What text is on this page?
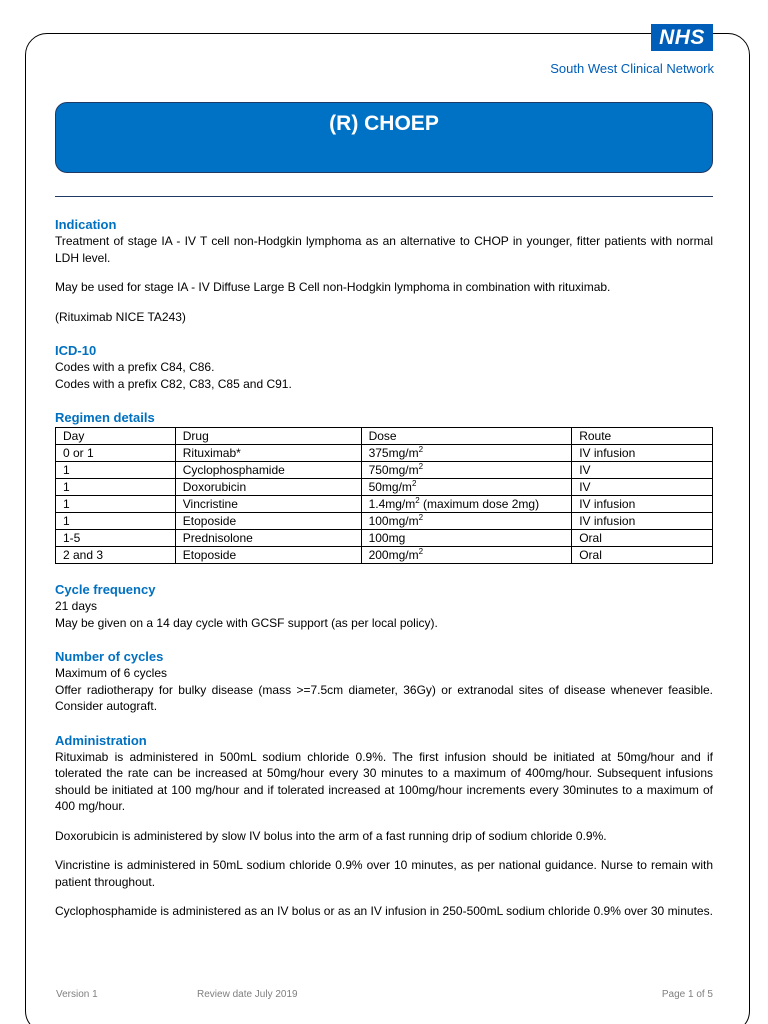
NHS
South West Clinical Network
(R) CHOEP
Indication
Treatment of stage IA - IV T cell non-Hodgkin lymphoma as an alternative to CHOP in younger, fitter patients with normal LDH level.
May be used for stage IA - IV Diffuse Large B Cell non-Hodgkin lymphoma in combination with rituximab.
(Rituximab NICE TA243)
ICD-10
Codes with a prefix C84, C86.
Codes with a prefix C82, C83, C85 and C91.
Regimen details
Day	Drug	Dose	Route
0 or 1	Rituximab*	$375mg/m^2$	IV infusion
1	Cyclophosphamide	$750mg/m^2$	IV
1	Doxorubicin	$50mg/m^2$	IV
1	Vincristine	$1.4mg/m^2$ (maximum dose 2mg)	IV infusion
1	Etoposide	$100mg/m^2$	IV infusion
1-5	Prednisolone	100mg	Oral
2 and 3	Etoposide	$200mg/m^2$	Oral
Cycle frequency
21 days
May be given on a 14 day cycle with GCSF support (as per local policy).
Number of cycles
Maximum of 6 cycles
Offer radiotherapy for bulky disease (mass >=7.5cm diameter, 36Gy) or extranodal sites of disease whenever feasible. Consider autograft.
Administration
Rituximab is administered in 500mL sodium chloride 0.9%. The first infusion should be initiated at 50mg/hour and if tolerated the rate can be increased at 50mg/hour every 30 minutes to a maximum of 400mg/hour. Subsequent infusions should be initiated at 100 mg/hour and if tolerated increased at 100mg/hour increments every 30minutes to a maximum of 400 mg/hour.
Doxorubicin is administered by slow IV bolus into the arm of a fast running drip of sodium chloride 0.9%.
Vincristine is administered in 50mL sodium chloride 0.9% over 10 minutes, as per national guidance. Nurse to remain with patient throughout.
Cyclophosphamide is administered as an IV bolus or as an IV infusion in 250-500mL sodium chloride 0.9% over 30 minutes.
Version 1	Review date July 2019	Page 1 of 5
